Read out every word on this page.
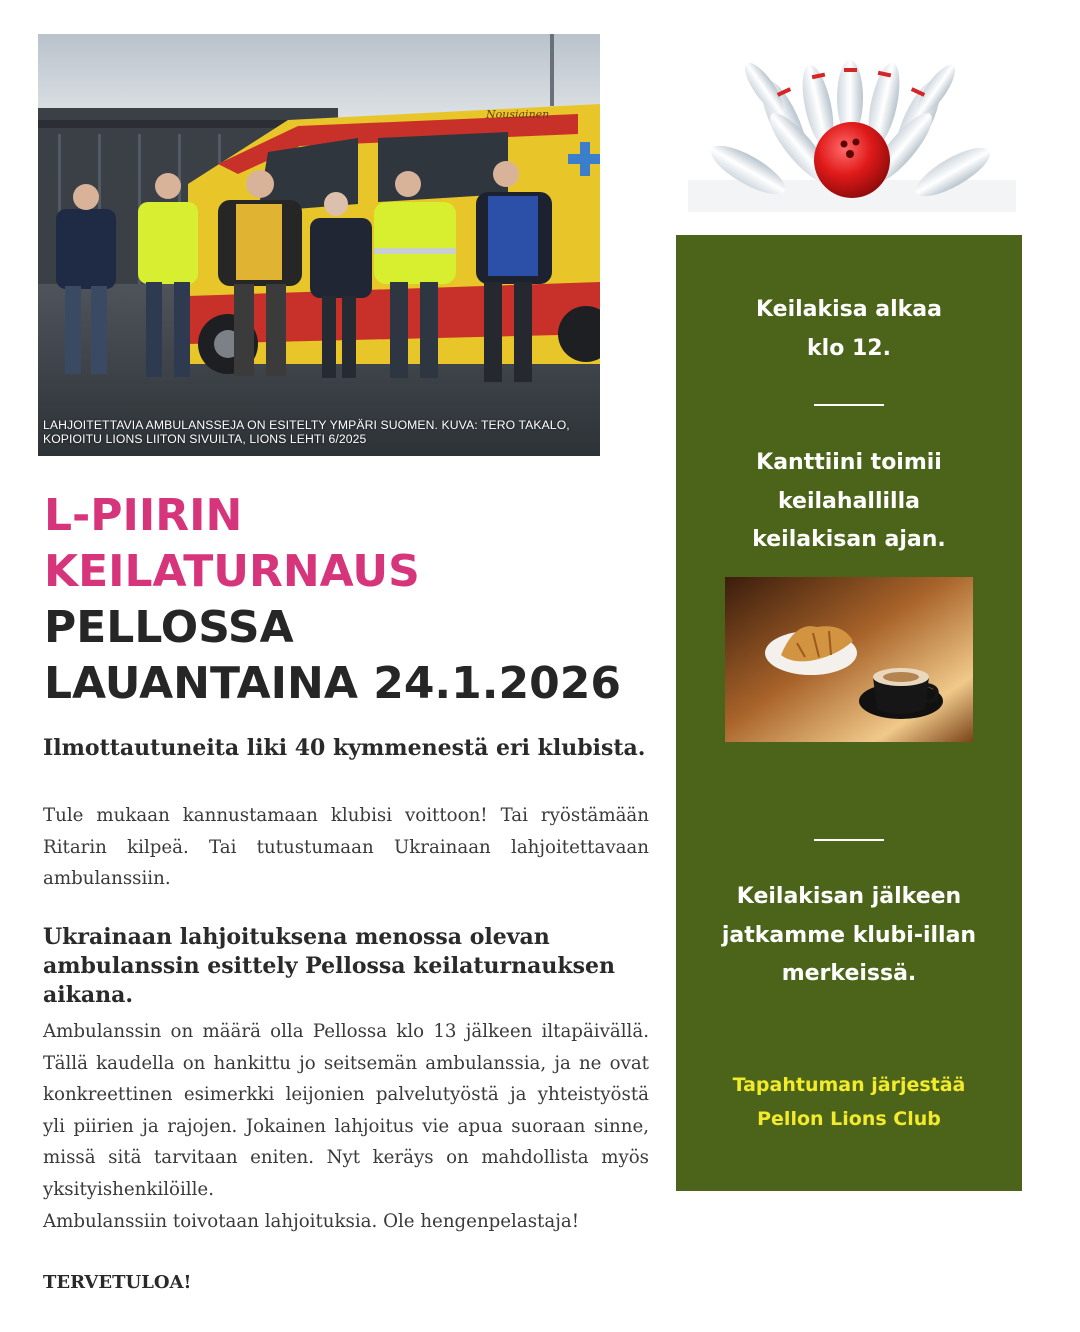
Nousiainen
LAHJOITETTAVIA AMBULANSSEJA ON ESITELTY YMPÄRI SUOMEN. KUVA: TERO TAKALO, KOPIOITU LIONS LIITON SIVUILTA, LIONS LEHTI 6/2025
L-PIIRIN
KEILATURNAUS
PELLOSSA
LAUANTAINA 24.1.2026
Ilmottautuneita liki 40 kymmenestä eri klubista.

Tule mukaan kannustamaan klubisi voittoon! Tai ryöstämään Ritarin kilpeä. Tai tutustumaan Ukrainaan lahjoitettavaan ambulanssiin.

Ukrainaan lahjoituksena menossa olevan ambulanssin esittely Pellossa keilaturnauksen aikana.

Ambulanssin on määrä olla Pellossa klo 13 jälkeen iltapäivällä. Tällä kaudella on hankittu jo seitsemän ambulanssia, ja ne ovat konkreettinen esimerkki leijonien palvelutyöstä ja yhteistyöstä yli piirien ja rajojen. Jokainen lahjoitus vie apua suoraan sinne, missä sitä tarvitaan eniten. Nyt keräys on mahdollista myös yksityishenkilöille.

Ambulanssiin toivotaan lahjoituksia. Ole hengenpelastaja!

TERVETULOA!

Keilakisa alkaa klo 12.

Kanttiini toimii keilahallilla keilakisan ajan.

Keilakisan jälkeen jatkamme klubi-illan merkeissä.

Tapahtuman järjestää

Pellon Lions Club
